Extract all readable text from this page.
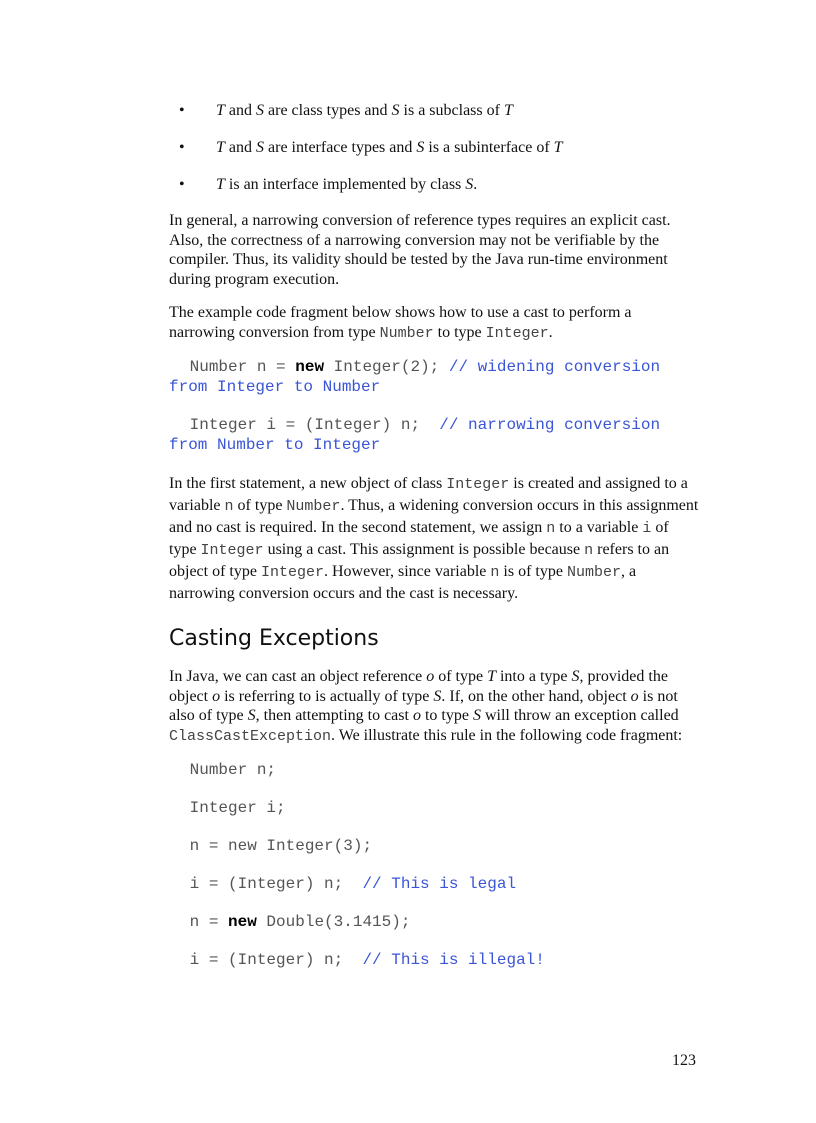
• T and S are class types and S is a subclass of T
• T and S are interface types and S is a subinterface of T
• T is an interface implemented by class S.

In general, a narrowing conversion of reference types requires an explicit cast. Also, the correctness of a narrowing conversion may not be verifiable by the compiler. Thus, its validity should be tested by the Java run-time environment during program execution.

The example code fragment below shows how to use a cast to perform a narrowing conversion from type Number to type Integer.

Number n = new Integer(2); // widening conversion from Integer to Number

Integer i = (Integer) n;  // narrowing conversion from Number to Integer

In the first statement, a new object of class Integer is created and assigned to a variable n of type Number. Thus, a widening conversion occurs in this assignment and no cast is required. In the second statement, we assign n to a variable i of type Integer using a cast. This assignment is possible because n refers to an object of type Integer. However, since variable n is of type Number, a narrowing conversion occurs and the cast is necessary.

Casting Exceptions

In Java, we can cast an object reference o of type T into a type S, provided the object o is referring to is actually of type S. If, on the other hand, object o is not also of type S, then attempting to cast o to type S will throw an exception called ClassCastException. We illustrate this rule in the following code fragment:

Number n;

Integer i;

n = new Integer(3);

i = (Integer) n;  // This is legal

n = new Double(3.1415);

i = (Integer) n;  // This is illegal!

123
